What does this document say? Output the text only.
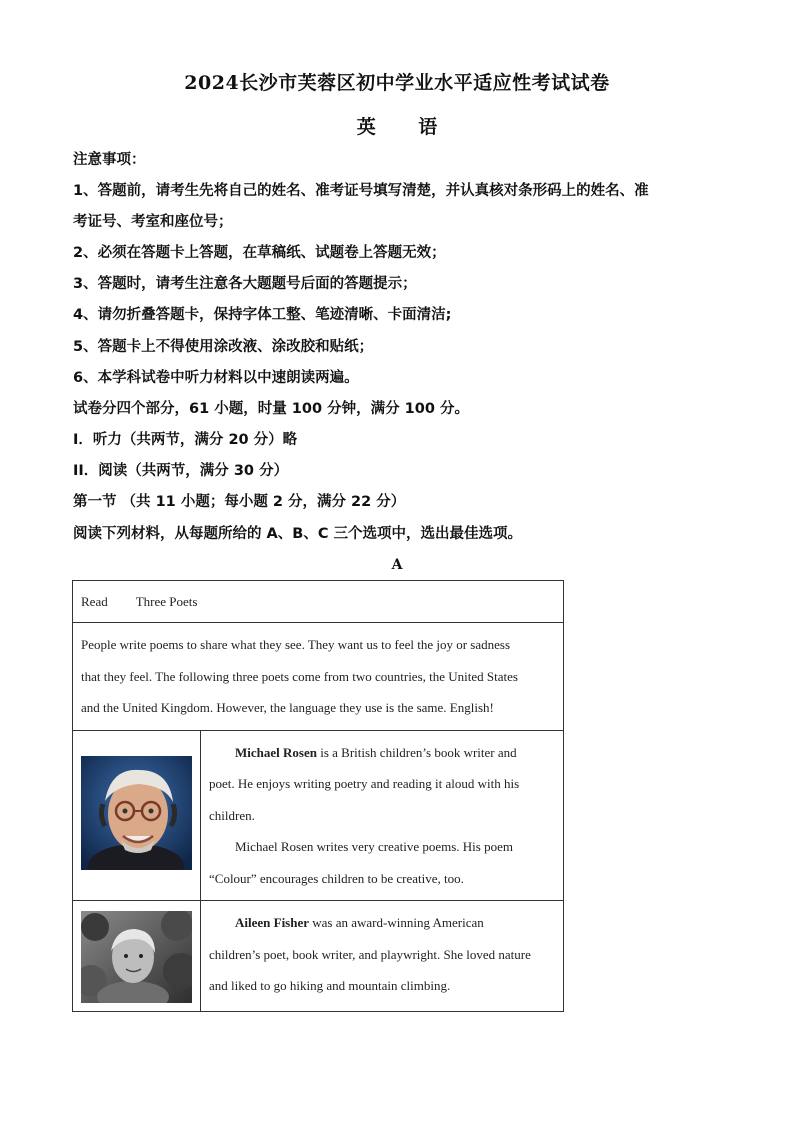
2024长沙市芙蓉区初中学业水平适应性考试试卷
英 语
注意事项：
1、答题前，请考生先将自己的姓名、准考证号填写清楚，并认真核对条形码上的姓名、准
考证号、考室和座位号；
2、必须在答题卡上答题，在草稿纸、试题卷上答题无效；
3、答题时，请考生注意各大题题号后面的答题提示；
4、请勿折叠答题卡，保持字体工整、笔迹清晰、卡面清洁;
5、答题卡上不得使用涂改液、涂改胶和贴纸；
6、本学科试卷中听力材料以中速朗读两遍。
试卷分四个部分，61 小题，时量 100 分钟，满分 100 分。
I．听力（共两节，满分 20 分）略
II．阅读（共两节，满分 30 分）
第一节 （共 11 小题；每小题 2 分，满分 22 分）
阅读下列材料，从每题所给的 A、B、C 三个选项中，选出最佳选项。
A
Read Three Poets	

People write poems to share what they see. They want us to feel the joy or sadness
that they feel. The following three poets come from two countries, the United States
and the United Kingdom. However, the language they use is the same. English!	

Michael Rosen is a British children’s book writer and
poet. He enjoys writing poetry and reading it aloud with his
children.
Michael Rosen writes very creative poems. His poem
“Colour” encourages children to be creative, too.

Aileen Fisher was an award-winning American
children’s poet, book writer, and playwright. She loved nature
and liked to go hiking and mountain climbing.
